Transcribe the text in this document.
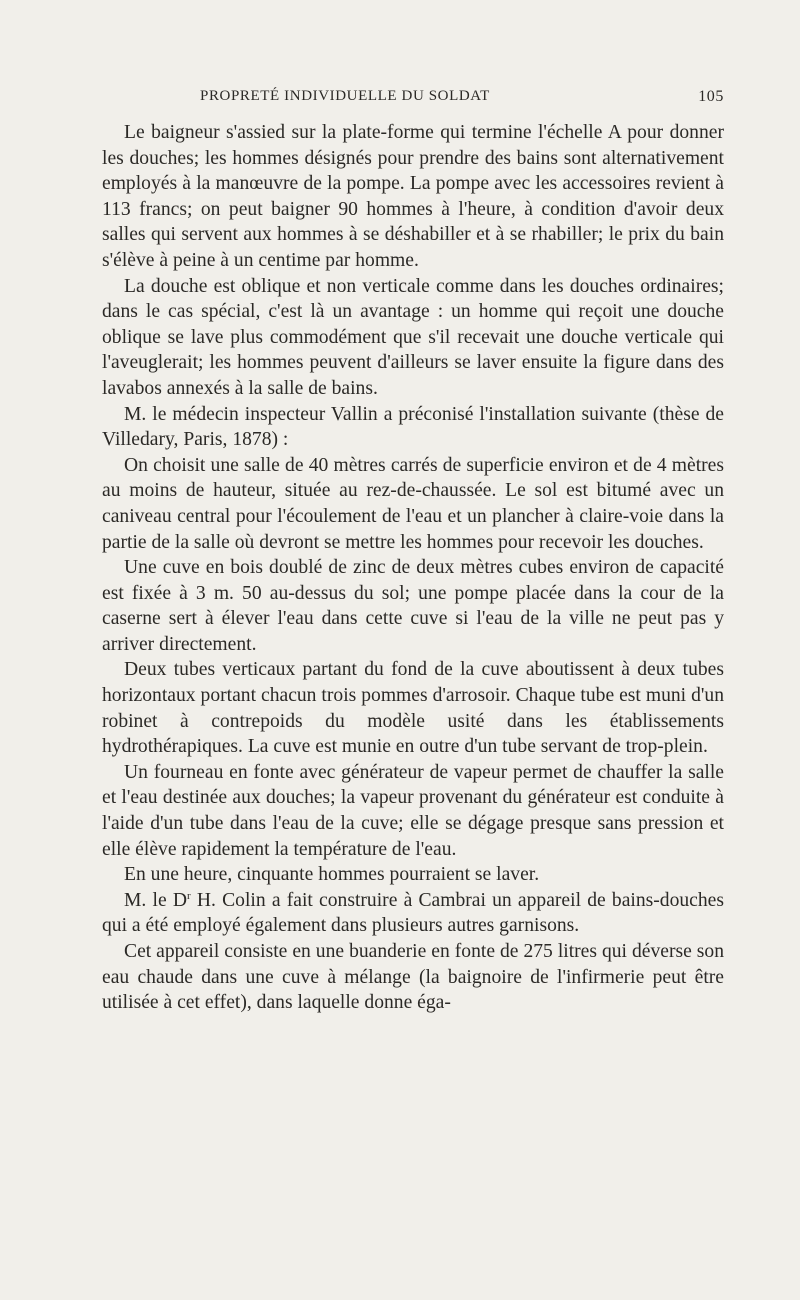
PROPRETÉ INDIVIDUELLE DU SOLDAT	105

Le baigneur s'assied sur la plate-forme qui termine l'échelle A pour donner les douches; les hommes désignés pour prendre des bains sont alternativement employés à la manœuvre de la pompe. La pompe avec les accessoires revient à 113 francs; on peut baigner 90 hommes à l'heure, à condition d'avoir deux salles qui servent aux hommes à se déshabiller et à se rhabiller; le prix du bain s'élève à peine à un centime par homme.

La douche est oblique et non verticale comme dans les douches ordinaires; dans le cas spécial, c'est là un avantage : un homme qui reçoit une douche oblique se lave plus commodément que s'il recevait une douche verticale qui l'aveuglerait; les hommes peuvent d'ailleurs se laver ensuite la figure dans des lavabos annexés à la salle de bains.

M. le médecin inspecteur Vallin a préconisé l'installation suivante (thèse de Villedary, Paris, 1878) :

On choisit une salle de 40 mètres carrés de superficie environ et de 4 mètres au moins de hauteur, située au rez-de-chaussée. Le sol est bitumé avec un caniveau central pour l'écoulement de l'eau et un plancher à claire-voie dans la partie de la salle où devront se mettre les hommes pour recevoir les douches.

Une cuve en bois doublé de zinc de deux mètres cubes environ de capacité est fixée à 3 m. 50 au-dessus du sol; une pompe placée dans la cour de la caserne sert à élever l'eau dans cette cuve si l'eau de la ville ne peut pas y arriver directement.

Deux tubes verticaux partant du fond de la cuve aboutissent à deux tubes horizontaux portant chacun trois pommes d'arrosoir. Chaque tube est muni d'un robinet à contrepoids du modèle usité dans les établissements hydrothérapiques. La cuve est munie en outre d'un tube servant de trop-plein.

Un fourneau en fonte avec générateur de vapeur permet de chauffer la salle et l'eau destinée aux douches; la vapeur provenant du générateur est conduite à l'aide d'un tube dans l'eau de la cuve; elle se dégage presque sans pression et elle élève rapidement la température de l'eau.

En une heure, cinquante hommes pourraient se laver.

M. le $D^r$ H. Colin a fait construire à Cambrai un appareil de bains-douches qui a été employé également dans plusieurs autres garnisons.

Cet appareil consiste en une buanderie en fonte de 275 litres qui déverse son eau chaude dans une cuve à mélange (la baignoire de l'infirmerie peut être utilisée à cet effet), dans laquelle donne éga-
